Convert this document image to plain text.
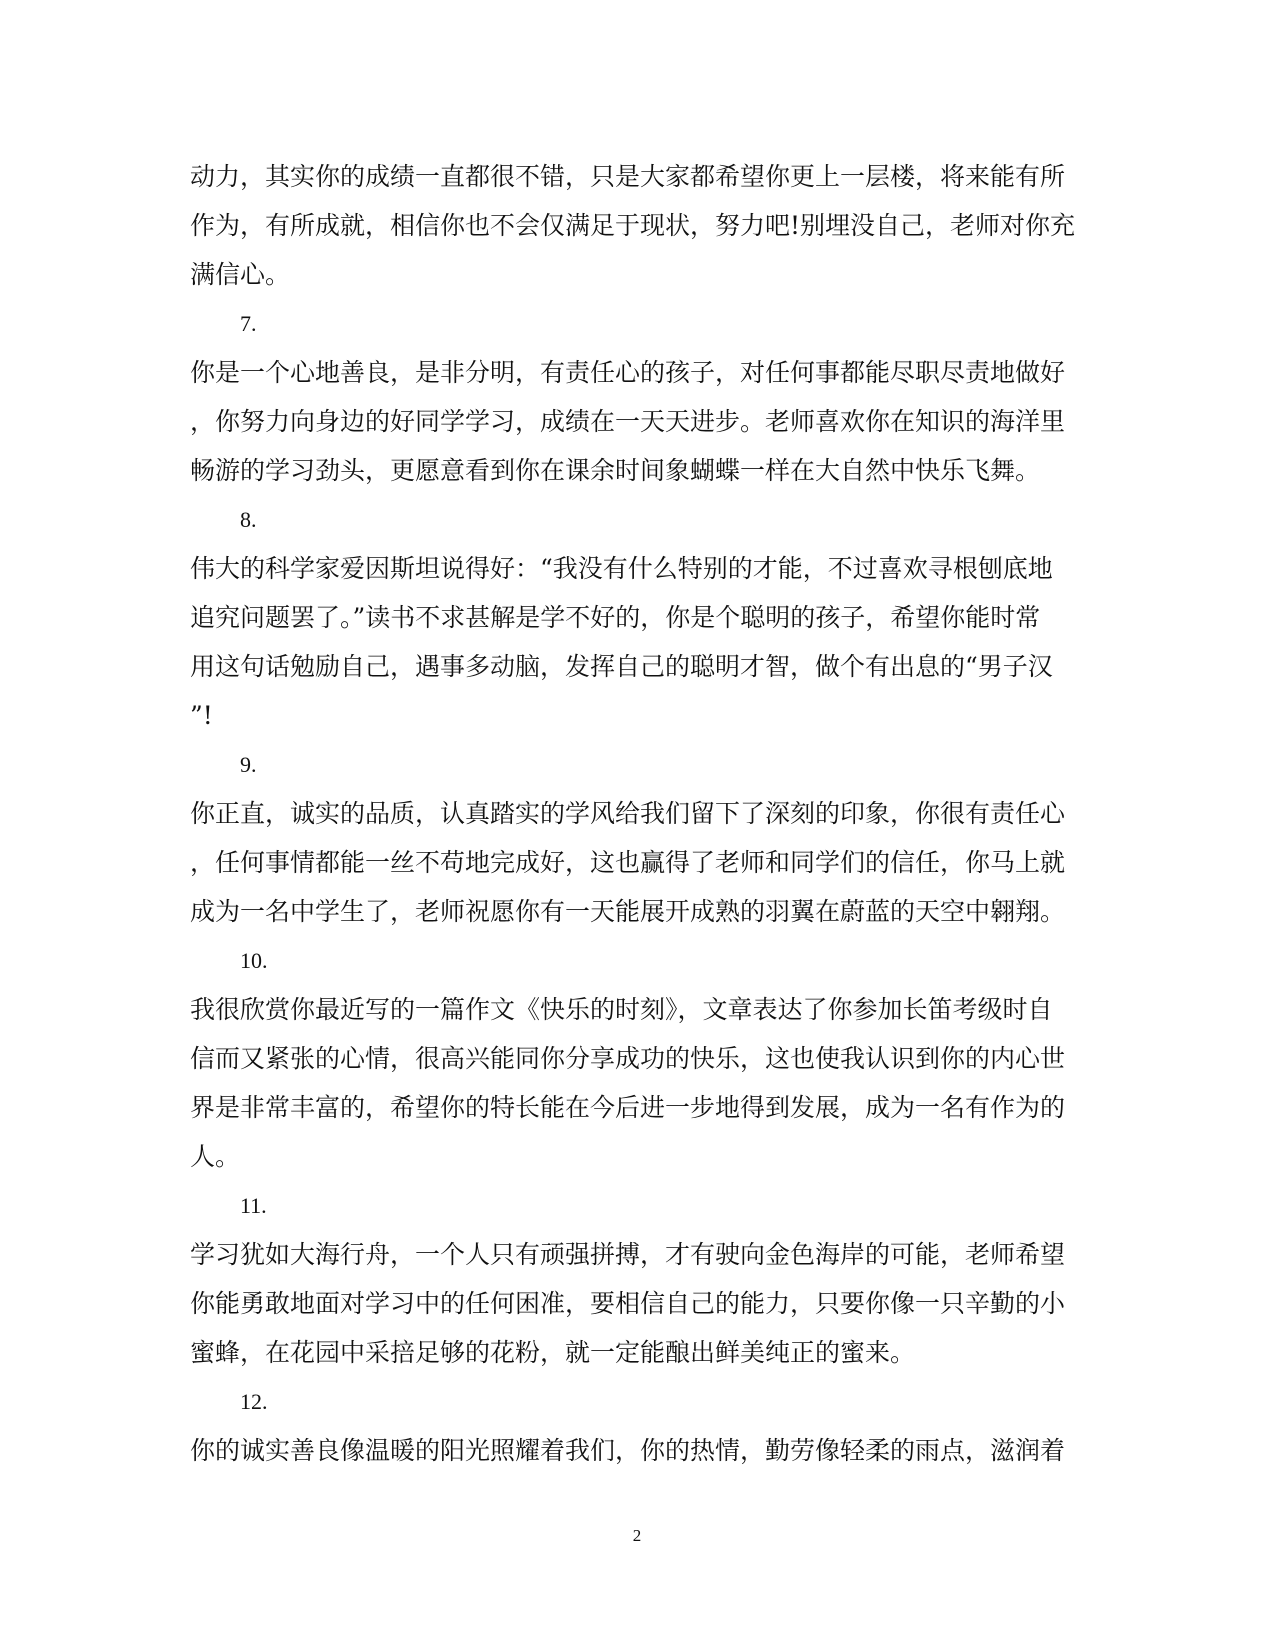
动力，其实你的成绩一直都很不错，只是大家都希望你更上一层楼，将来能有所
作为，有所成就，相信你也不会仅满足于现状，努力吧!别埋没自己，老师对你充
满信心。
7.
你是一个心地善良，是非分明，有责任心的孩子，对任何事都能尽职尽责地做好
，你努力向身边的好同学学习，成绩在一天天进步。老师喜欢你在知识的海洋里
畅游的学习劲头，更愿意看到你在课余时间象蝴蝶一样在大自然中快乐飞舞。
8.
伟大的科学家爱因斯坦说得好：“我没有什么特别的才能，不过喜欢寻根刨底地
追究问题罢了。”读书不求甚解是学不好的，你是个聪明的孩子，希望你能时常
用这句话勉励自己，遇事多动脑，发挥自己的聪明才智，做个有出息的“男子汉
”!
9.
你正直，诚实的品质，认真踏实的学风给我们留下了深刻的印象，你很有责任心
，任何事情都能一丝不苟地完成好，这也赢得了老师和同学们的信任，你马上就
成为一名中学生了，老师祝愿你有一天能展开成熟的羽翼在蔚蓝的天空中翱翔。
10.
我很欣赏你最近写的一篇作文《快乐的时刻》，文章表达了你参加长笛考级时自
信而又紧张的心情，很高兴能同你分享成功的快乐，这也使我认识到你的内心世
界是非常丰富的，希望你的特长能在今后进一步地得到发展，成为一名有作为的
人。
11.
学习犹如大海行舟，一个人只有顽强拼搏，才有驶向金色海岸的可能，老师希望
你能勇敢地面对学习中的任何困准，要相信自己的能力，只要你像一只辛勤的小
蜜蜂，在花园中采掊足够的花粉，就一定能酿出鲜美纯正的蜜来。
12.
你的诚实善良像温暖的阳光照耀着我们，你的热情，勤劳像轻柔的雨点，滋润着
2
